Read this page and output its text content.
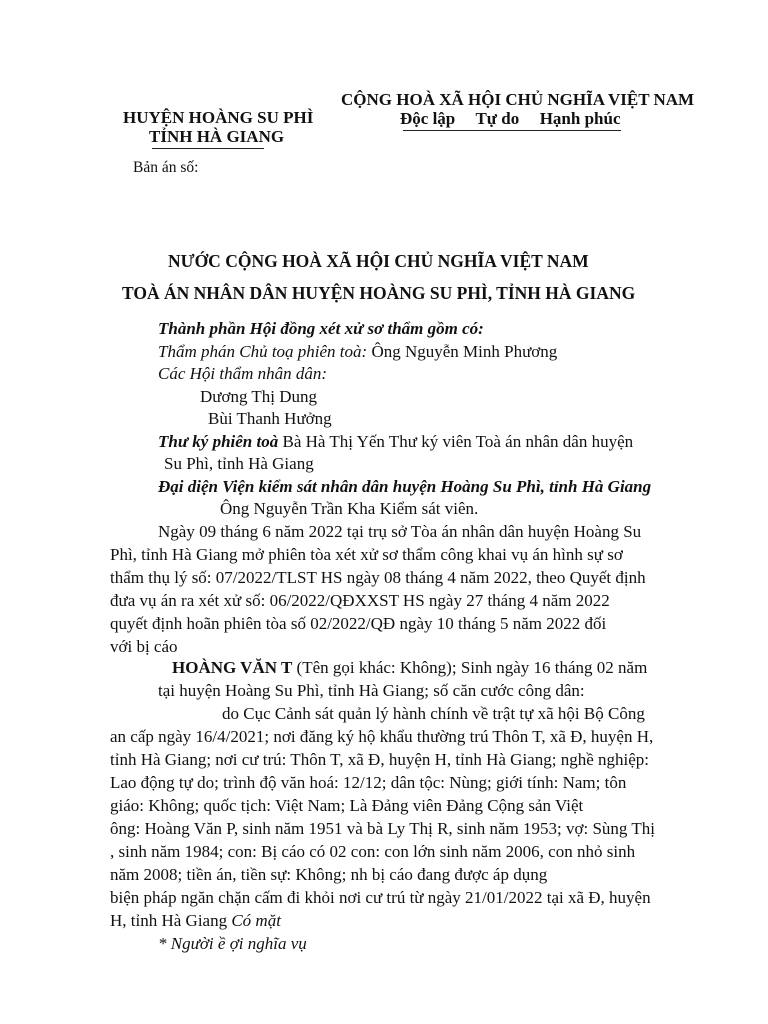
HUYỆN HOÀNG SU PHÌ
TỈNH HÀ GIANG
CỘNG HOÀ XÃ HỘI CHỦ NGHĨA VIỆT NAM
Độc lập Tự do Hạnh phúc
Bản án số:
NƯỚC CỘNG HOÀ XÃ HỘI CHỦ NGHĨA VIỆT NAM
TOÀ ÁN NHÂN DÂN HUYỆN HOÀNG SU PHÌ, TỈNH HÀ GIANG
Thành phần Hội đồng xét xử sơ thẩm gồm có:
Thẩm phán Chủ toạ phiên toà: Ông Nguyễn Minh Phương
Các Hội thẩm nhân dân:
Dương Thị Dung
Bùi Thanh Hưởng
Thư ký phiên toà Bà Hà Thị Yến Thư ký viên Toà án nhân dân huyện
Su Phì, tỉnh Hà Giang
Đại diện Viện kiểm sát nhân dân huyện Hoàng Su Phì, tỉnh Hà Giang
Ông Nguyễn Trần Kha Kiểm sát viên.
Ngày 09 tháng 6 năm 2022 tại trụ sở Tòa án nhân dân huyện Hoàng Su
Phì, tỉnh Hà Giang mở phiên tòa xét xử sơ thẩm công khai vụ án hình sự sơ
thẩm thụ lý số: 07/2022/TLST HS ngày 08 tháng 4 năm 2022, theo Quyết định
đưa vụ án ra xét xử số: 06/2022/QĐXXST HS ngày 27 tháng 4 năm 2022
quyết định hoãn phiên tòa số 02/2022/QĐ ngày 10 tháng 5 năm 2022 đối
với bị cáo
HOÀNG VĂN T (Tên gọi khác: Không); Sinh ngày 16 tháng 02 năm
tại huyện Hoàng Su Phì, tỉnh Hà Giang; số căn cước công dân:
do Cục Cảnh sát quản lý hành chính về trật tự xã hội Bộ Công
an cấp ngày 16/4/2021; nơi đăng ký hộ khẩu thường trú Thôn T, xã Đ, huyện H,
tỉnh Hà Giang; nơi cư trú: Thôn T, xã Đ, huyện H, tỉnh Hà Giang; nghề nghiệp:
Lao động tự do; trình độ văn hoá: 12/12; dân tộc: Nùng; giới tính: Nam; tôn
giáo: Không; quốc tịch: Việt Nam; Là Đảng viên Đảng Cộng sản Việt
ông: Hoàng Văn P, sinh năm 1951 và bà Ly Thị R, sinh năm 1953; vợ: Sùng Thị
, sinh năm 1984; con: Bị cáo có 02 con: con lớn sinh năm 2006, con nhỏ sinh
năm 2008; tiền án, tiền sự: Không; nh bị cáo đang được áp dụng
biện pháp ngăn chặn cấm đi khỏi nơi cư trú từ ngày 21/01/2022 tại xã Đ, huyện
H, tỉnh Hà Giang Có mặt
* Người ề ợi nghĩa vụ
